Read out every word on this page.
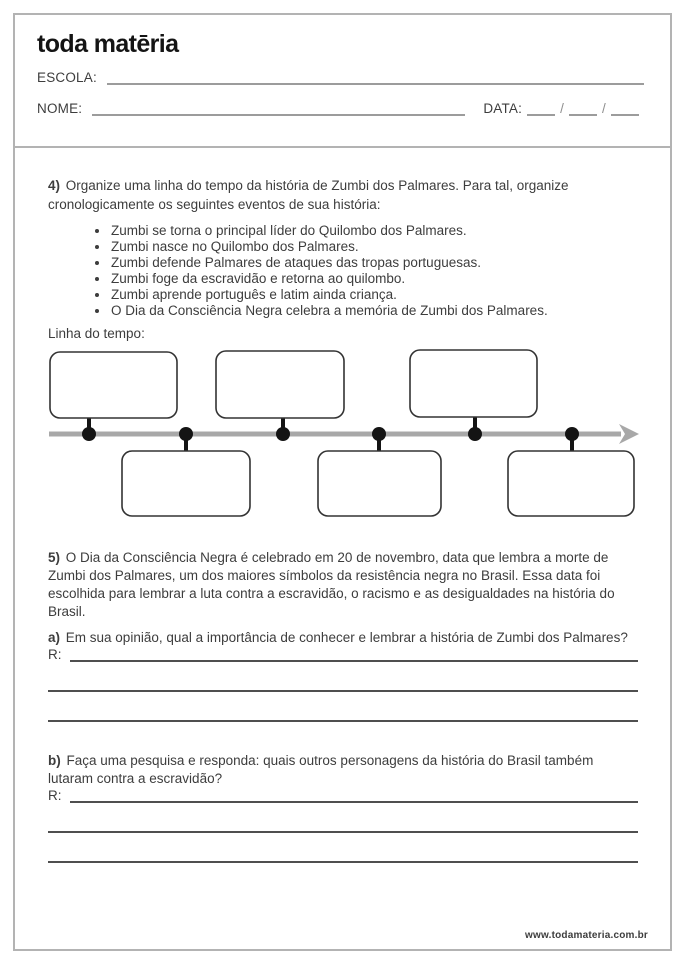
toda matēria
ESCOLA:
NOME:	DATA:	/	/

4) Organize uma linha do tempo da história de Zumbi dos Palmares. Para tal, organize cronologicamente os seguintes eventos de sua história:

• Zumbi se torna o principal líder do Quilombo dos Palmares.
• Zumbi nasce no Quilombo dos Palmares.
• Zumbi defende Palmares de ataques das tropas portuguesas.
• Zumbi foge da escravidão e retorna ao quilombo.
• Zumbi aprende português e latim ainda criança.
• O Dia da Consciência Negra celebra a memória de Zumbi dos Palmares.

Linha do tempo:

5) O Dia da Consciência Negra é celebrado em 20 de novembro, data que lembra a morte de Zumbi dos Palmares, um dos maiores símbolos da resistência negra no Brasil. Essa data foi escolhida para lembrar a luta contra a escravidão, o racismo e as desigualdades na história do Brasil.

a) Em sua opinião, qual a importância de conhecer e lembrar a história de Zumbi dos Palmares?

R:

b) Faça uma pesquisa e responda: quais outros personagens da história do Brasil também lutaram contra a escravidão?

R:
www.todamateria.com.br
